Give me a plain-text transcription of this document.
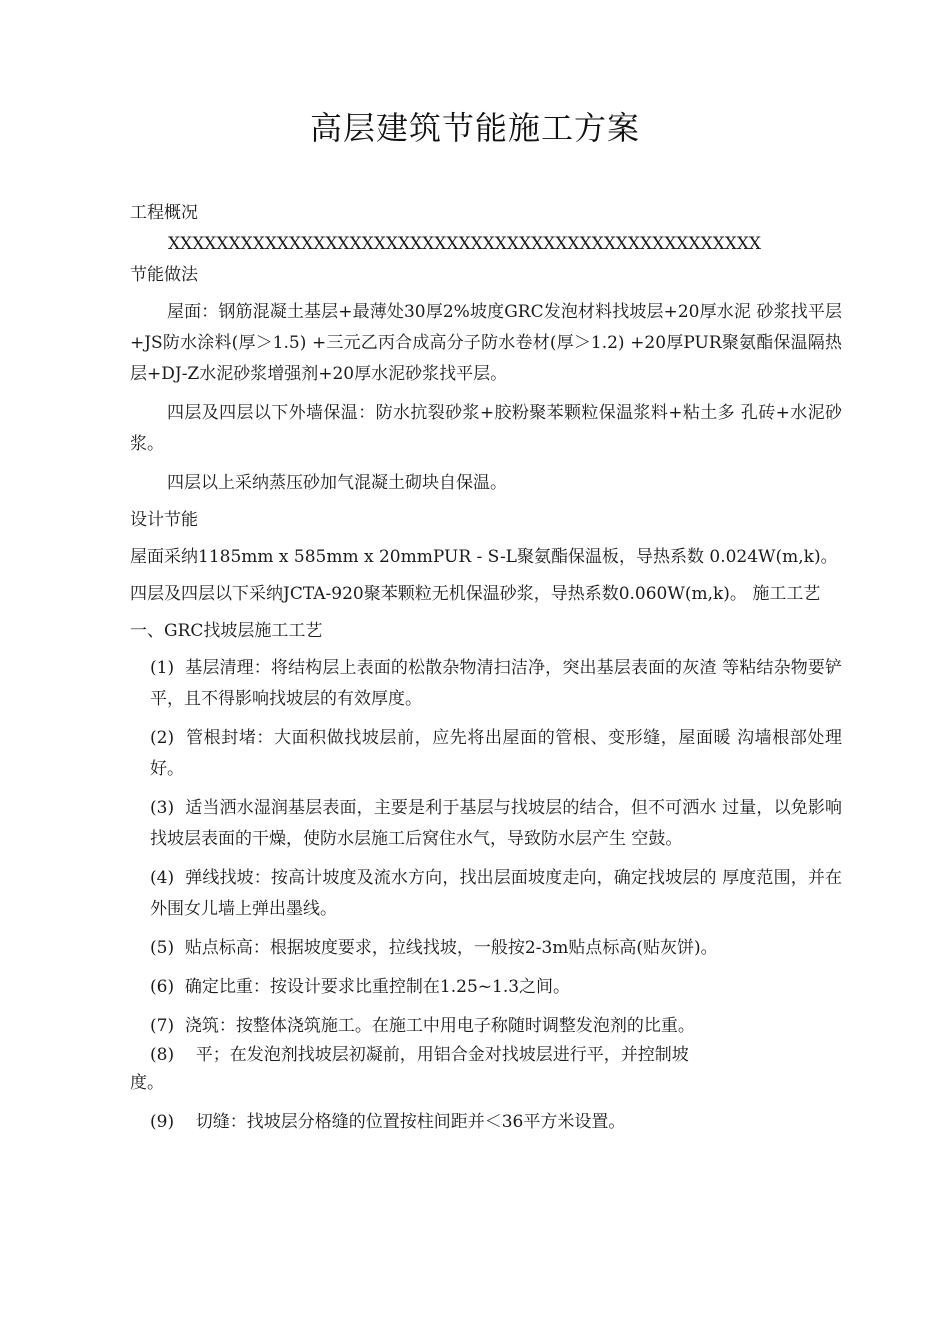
高层建筑节能施工方案
工程概况
XXXXXXXXXXXXXXXXXXXXXXXXXXXXXXXXXXXXXXXXXXXXXXXXX
节能做法
屋面：钢筋混凝土基层+最薄处30厚2%坡度GRC发泡材料找坡层+20厚水泥 砂浆找平层+JS防水涂料(厚＞1.5) +三元乙丙合成高分子防水卷材(厚＞1.2) +20厚PUR聚氨酯保温隔热层+DJ-Z水泥砂浆增强剂+20厚水泥砂浆找平层。
四层及四层以下外墙保温：防水抗裂砂浆+胶粉聚苯颗粒保温浆料+粘土多 孔砖+水泥砂浆。
四层以上采纳蒸压砂加气混凝土砌块自保温。
设计节能
屋面采纳1185mm x 585mm x 20mmPUR - S-L聚氨酯保温板，导热系数 0.024W(m,k)。
四层及四层以下采纳JCTA-920聚苯颗粒无机保温砂浆，导热系数0.060W(m,k)。 施工工艺
一、GRC找坡层施工工艺
(1) 基层清理：将结构层上表面的松散杂物清扫洁净，突出基层表面的灰渣 等粘结杂物要铲平，且不得影响找坡层的有效厚度。
(2) 管根封堵：大面积做找坡层前，应先将出屋面的管根、变形缝，屋面暖 沟墙根部处理好。
(3) 适当洒水湿润基层表面，主要是利于基层与找坡层的结合，但不可洒水 过量，以免影响找坡层表面的干燥，使防水层施工后窝住水气，导致防水层产生 空鼓。
(4) 弹线找坡：按高计坡度及流水方向，找出层面坡度走向，确定找坡层的 厚度范围，并在外围女儿墙上弹出墨线。
(5) 贴点标高：根据坡度要求，拉线找坡，一般按2-3m贴点标高(贴灰饼)。
(6) 确定比重：按设计要求比重控制在1.25~1.3之间。
(7) 浇筑：按整体浇筑施工。在施工中用电子称随时调整发泡剂的比重。
(8) 平；在发泡剂找坡层初凝前，用铝合金对找坡层进行平，并控制坡
度。
(9) 切缝：找坡层分格缝的位置按柱间距并＜36平方米设置。
